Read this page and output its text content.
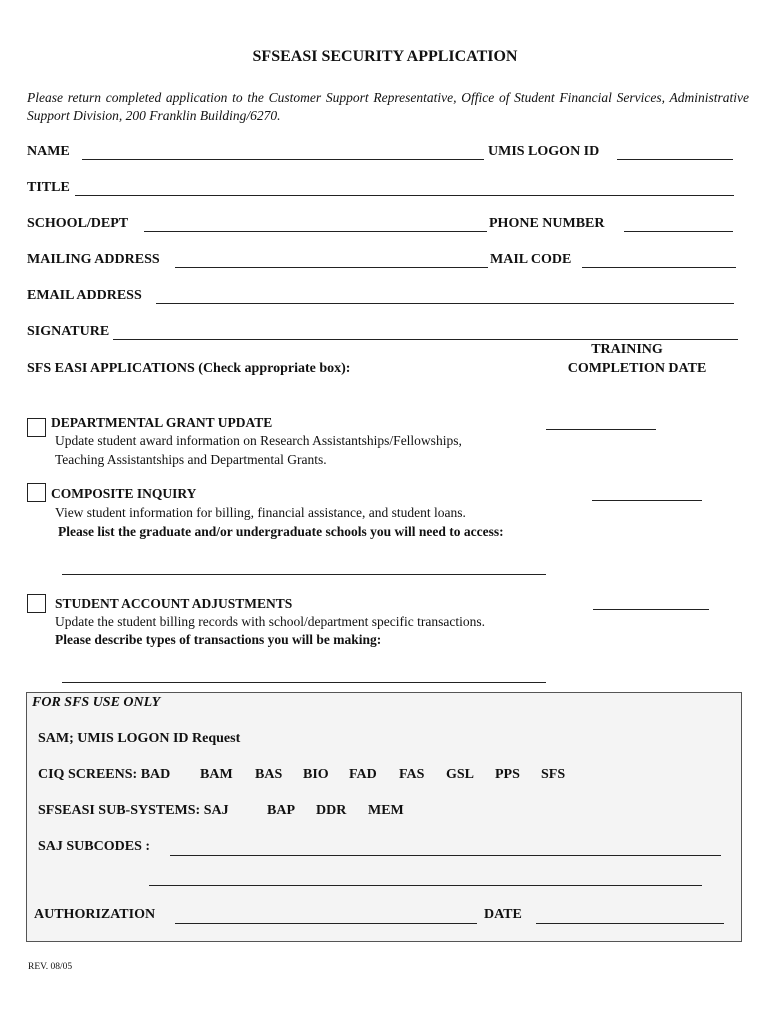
SFSEASI SECURITY APPLICATION
Please return completed application to the Customer Support Representative, Office of Student Financial Services, Administrative Support Division, 200 Franklin Building/6270.
NAME	UMIS LOGON ID
TITLE
SCHOOL/DEPT	PHONE NUMBER
MAILING ADDRESS	MAIL CODE
EMAIL ADDRESS
SIGNATURE
TRAINING
COMPLETION DATE
SFS EASI APPLICATIONS (Check appropriate box):
DEPARTMENTAL GRANT UPDATE
Update student award information on Research Assistantships/Fellowships,
Teaching Assistantships and Departmental Grants.
COMPOSITE INQUIRY
View student information for billing, financial assistance, and student loans.
Please list the graduate and/or undergraduate schools you will need to access:
STUDENT ACCOUNT ADJUSTMENTS
Update the student billing records with school/department specific transactions.
Please describe types of transactions you will be making:
FOR SFS USE ONLY
SAM; UMIS LOGON ID Request
CIQ SCREENS: BAD BAM BAS BIO FAD FAS GSL PPS SFS
SFSEASI SUB-SYSTEMS: SAJ	BAP DDR MEM
SAJ SUBCODES :
AUTHORIZATION	DATE
REV. 08/05
